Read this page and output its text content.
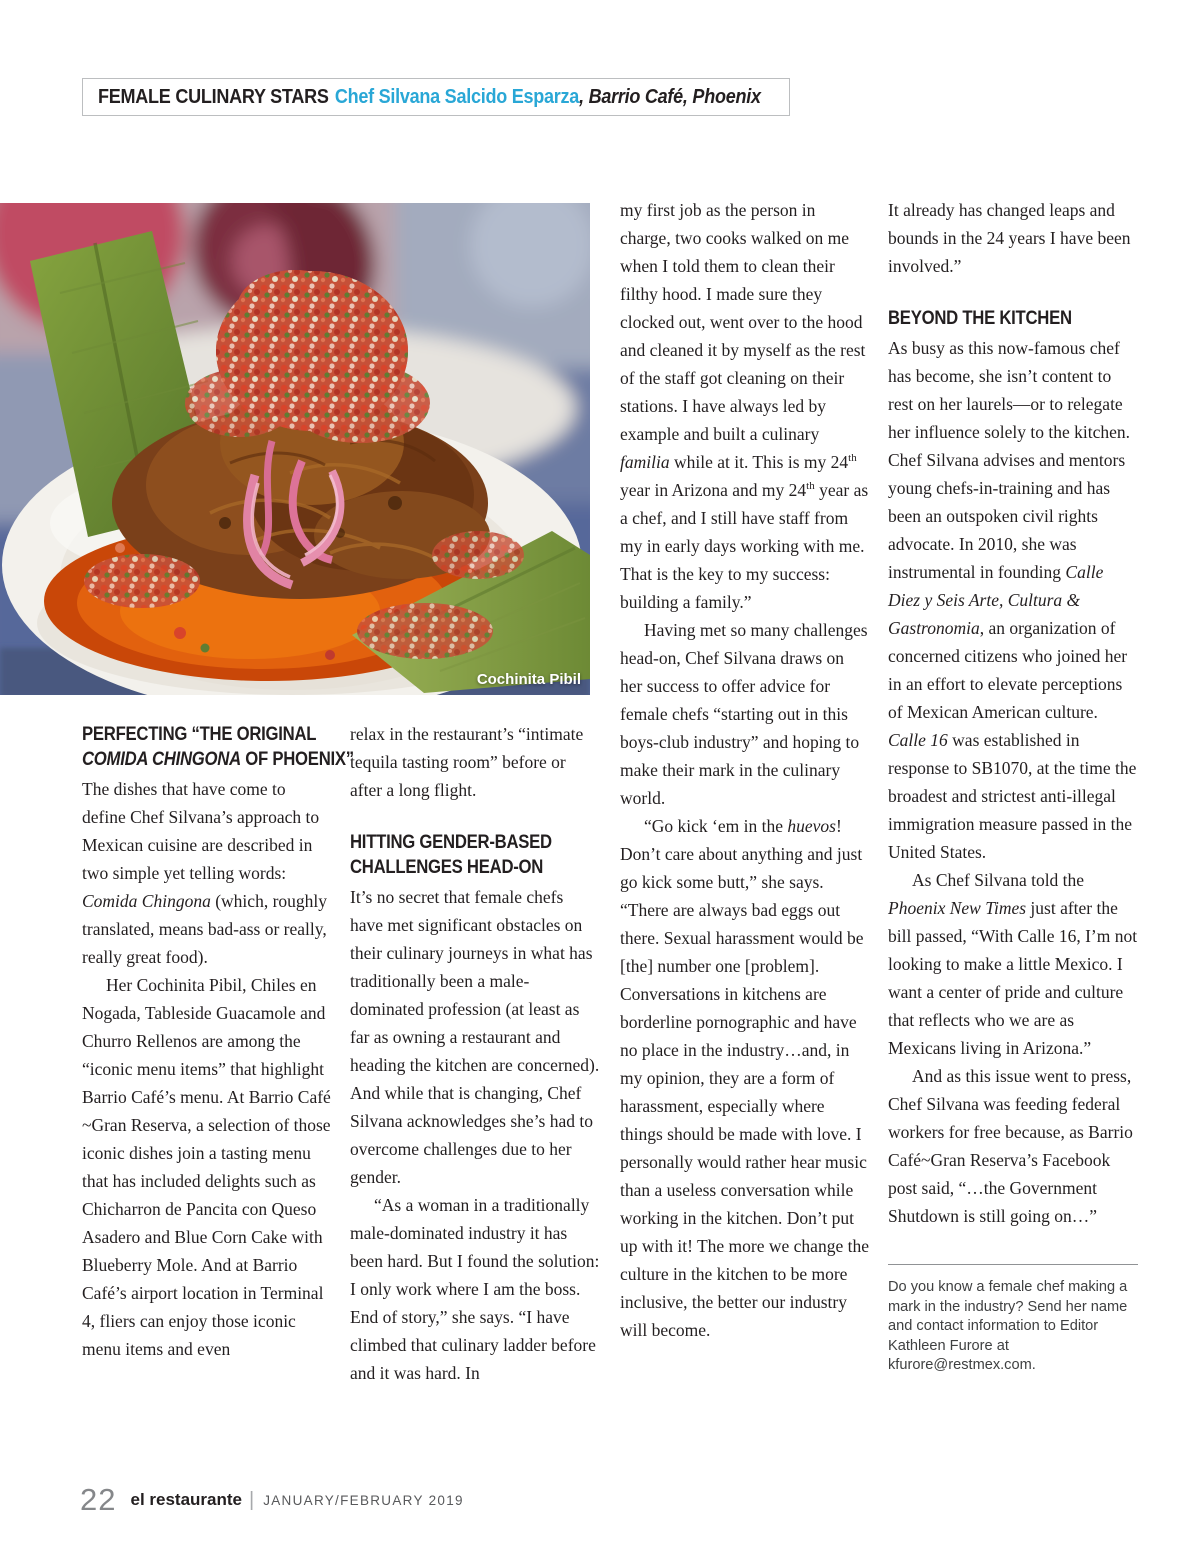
FEMALE CULINARY STARS Chef Silvana Salcido Esparza , Barrio Café, Phoenix
Cochinita Pibil
PERFECTING “THE ORIGINAL
COMIDA CHINGONA OF PHOENIX”

The dishes that have come to define Chef Silvana’s approach to Mexican cuisine are described in two simple yet telling words: Comida Chingona (which, roughly translated, means bad-ass or really, really great food).

Her Cochinita Pibil, Chiles en Nogada, Tableside Guacamole and Churro Rellenos are among the “iconic menu items” that highlight Barrio Café’s menu. At Barrio Café ~Gran Reserva, a selection of those iconic dishes join a tasting menu that has included delights such as Chicharron de Pancita con Queso Asadero and Blue Corn Cake with Blueberry Mole. And at Barrio Café’s airport location in Terminal 4, fliers can enjoy those iconic menu items and even

relax in the restaurant’s “intimate tequila tasting room” before or after a long flight.

HITTING GENDER-BASED
CHALLENGES HEAD-ON

It’s no secret that female chefs have met significant obstacles on their culinary journeys in what has traditionally been a male-dominated profession (at least as far as owning a restaurant and heading the kitchen are concerned). And while that is changing, Chef Silvana acknowledges she’s had to overcome challenges due to her gender.

“As a woman in a traditionally male-dominated industry it has been hard. But I found the solution: I only work where I am the boss. End of story,” she says. “I have climbed that culinary ladder before and it was hard. In

my first job as the person in charge, two cooks walked on me when I told them to clean their filthy hood. I made sure they clocked out, went over to the hood and cleaned it by myself as the rest of the staff got cleaning on their stations. I have always led by example and built a culinary familia while at it. This is my 24th year in Arizona and my 24th year as a chef, and I still have staff from my in early days working with me. That is the key to my success: building a family.”

Having met so many challenges head-on, Chef Silvana draws on her success to offer advice for female chefs “starting out in this boys-club industry” and hoping to make their mark in the culinary world.

“Go kick ‘em in the huevos! Don’t care about anything and just go kick some butt,” she says. “There are always bad eggs out there. Sexual harassment would be [the] number one [problem]. Conversations in kitchens are borderline pornographic and have no place in the industry…and, in my opinion, they are a form of harassment, especially where things should be made with love. I personally would rather hear music than a useless conversation while working in the kitchen. Don’t put up with it! The more we change the culture in the kitchen to be more inclusive, the better our industry will become.

It already has changed leaps and bounds in the 24 years I have been involved.”

BEYOND THE KITCHEN

As busy as this now-famous chef has become, she isn’t content to rest on her laurels—or to relegate her influence solely to the kitchen. Chef Silvana advises and mentors young chefs-in-training and has been an outspoken civil rights advocate. In 2010, she was instrumental in founding Calle Diez y Seis Arte, Cultura & Gastronomia, an organization of concerned citizens who joined her in an effort to elevate perceptions of Mexican American culture. Calle 16 was established in response to SB1070, at the time the broadest and strictest anti-illegal immigration measure passed in the United States.

As Chef Silvana told the Phoenix New Times just after the bill passed, “With Calle 16, I’m not looking to make a little Mexico. I want a center of pride and culture that reflects who we are as Mexicans living in Arizona.”

And as this issue went to press, Chef Silvana was feeding federal workers for free because, as Barrio Café~Gran Reserva’s Facebook post said, “…the Government Shutdown is still going on…”

Do you know a female chef making a mark in the industry? Send her name and contact information to Editor Kathleen Furore at kfurore@restmex.com.

22 el restaurante | JANUARY/FEBRUARY 2019
